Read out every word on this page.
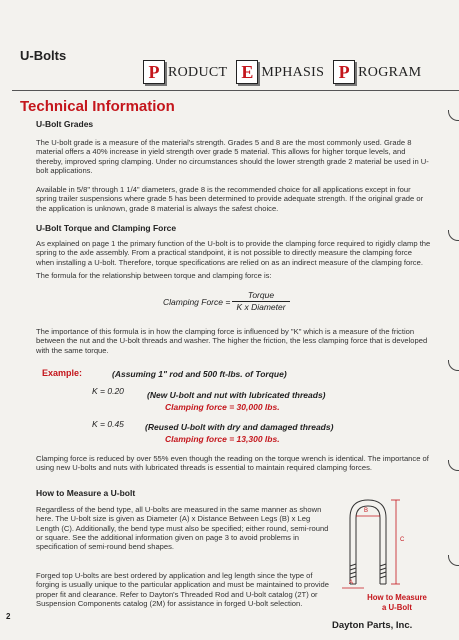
U-Bolts
P RODUCT E MPHASIS P ROGRAM
Technical Information
U-Bolt Grades
The U-bolt grade is a measure of the material's strength. Grades 5 and 8 are the most commonly used. Grade 8 material offers a 40% increase in yield strength over grade 5 material. This allows for higher torque levels, and thereby, improved spring clamping. Under no circumstances should the lower strength grade 2 material be used in U-bolt applications.
Available in 5/8" through 1 1/4" diameters, grade 8 is the recommended choice for all applications except in four spring trailer suspensions where grade 5 has been determined to provide adequate strength. If the original grade or the application is unknown, grade 8 material is always the safest choice.
U-Bolt Torque and Clamping Force
As explained on page 1 the primary function of the U-bolt is to provide the clamping force required to rigidly clamp the spring to the axle assembly. From a practical standpoint, it is not possible to directly measure the clamping force when installing a U-bolt. Therefore, torque specifications are relied on as an indirect measure of the clamping force.
The formula for the relationship between torque and clamping force is:
Clamping Force =
Torque
K x Diameter
The importance of this formula is in how the clamping force is influenced by "K" which is a measure of the friction between the nut and the U-bolt threads and washer. The higher the friction, the less clamping force that is developed with the same torque.
Example:	(Assuming 1" rod and 500 ft-lbs. of Torque)
K = 0.20	(New U-bolt and nut with lubricated threads)
Clamping force = 30,000 lbs.
K = 0.45 (Reused U-bolt with dry and damaged threads)
Clamping force = 13,300 lbs.
Clamping force is reduced by over 55% even though the reading on the torque wrench is identical. The importance of using new U-bolts and nuts with lubricated threads is essential to maintain required clamping forces.
How to Measure a U-bolt
Regardless of the bend type, all U-bolts are measured in the same manner as shown here. The U-bolt size is given as Diameter (A) x Distance Between Legs (B) x Leg Length (C). Additionally, the bend type must also be specified; either round, semi-round or square. See the additional information given on page 3 to avoid problems in specification of semi-round bend shapes.
Forged top U-bolts are best ordered by application and leg length since the type of forging is usually unique to the particular application and must be maintained to provide proper fit and clearance. Refer to Dayton's Threaded Rod and U-bolt catalog (2T) or Suspension Components catalog (2M) for assistance in forged U-bolt selection.
B
C
A
How to Measure
a U-Bolt
2
Dayton Parts, Inc.
